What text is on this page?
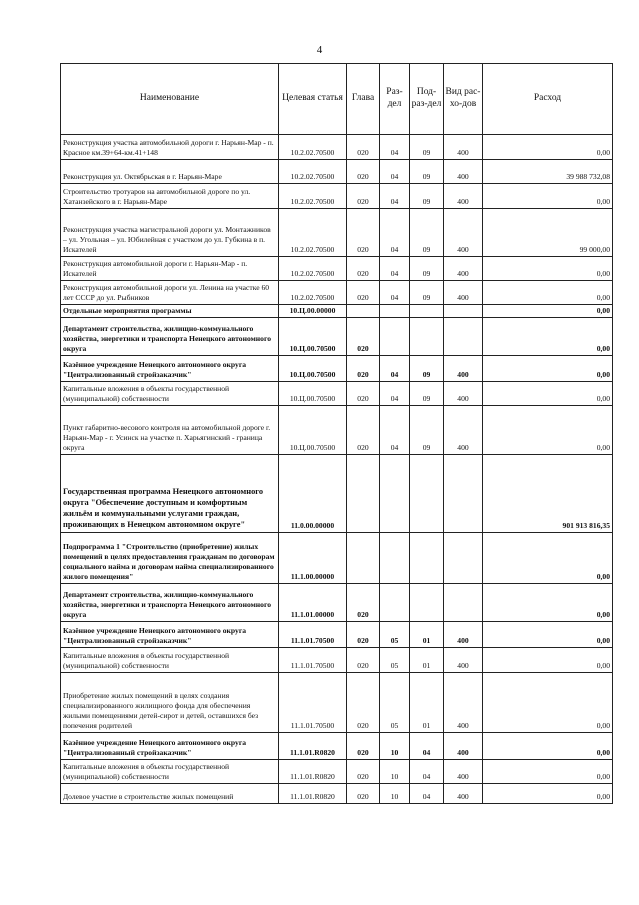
4
Наименование	Целевая статья	Глава	Раз-дел	Под-раз-дел	Вид рас-хо-дов	Расход
Реконструкция участка автомобильной дороги г. Нарьян-Мар - п. Красное км.39+64-км.41+148	10.2.02.70500	020	04	09	400	0,00
Реконструкция ул. Октябрьская в г. Нарьян-Маре	10.2.02.70500	020	04	09	400	39 988 732,08
Строительство тротуаров на автомобильной дороге по ул. Хатанзейского в г. Нарьян-Маре	10.2.02.70500	020	04	09	400	0,00
Реконструкция участка магистральной дороги ул. Монтажников – ул. Угольная – ул. Юбилейная с участком до ул. Губкина в п. Искателей	10.2.02.70500	020	04	09	400	99 000,00
Реконструкция автомобильной дороги г. Нарьян-Мар - п. Искателей	10.2.02.70500	020	04	09	400	0,00
Реконструкция автомобильной дороги ул. Ленина на участке 60 лет СССР до ул. Рыбников	10.2.02.70500	020	04	09	400	0,00
Отдельные мероприятия программы	10.Ц.00.00000					0,00
Департамент строительства, жилищно-коммунального хозяйства, энергетики и транспорта Ненецкого автономного округа	10.Ц.00.70500	020				0,00
Казённое учреждение Ненецкого автономного округа "Централизованный стройзаказчик"	10.Ц.00.70500	020	04	09	400	0,00
Капитальные вложения в объекты государственной (муниципальной) собственности	10.Ц.00.70500	020	04	09	400	0,00
Пункт габаритно-весового контроля на автомобильной дороге г. Нарьян-Мар - г. Усинск на участке п. Харьягинский - граница округа	10.Ц.00.70500	020	04	09	400	0,00
Государственная программа Ненецкого автономного округа "Обеспечение доступным и комфортным жильём и коммунальными услугами граждан, проживающих в Ненецком автономном округе"	11.0.00.00000					901 913 816,35
Подпрограмма 1 "Строительство (приобретение) жилых помещений в целях предоставления гражданам по договорам социального найма и договорам найма специализированного жилого помещения"	11.1.00.00000					0,00
Департамент строительства, жилищно-коммунального хозяйства, энергетики и транспорта Ненецкого автономного округа	11.1.01.00000	020				0,00
Казённое учреждение Ненецкого автономного округа "Централизованный стройзаказчик"	11.1.01.70500	020	05	01	400	0,00
Капитальные вложения в объекты государственной (муниципальной) собственности	11.1.01.70500	020	05	01	400	0,00
Приобретение жилых помещений в целях создания специализированного жилищного фонда для обеспечения жилыми помещениями детей-сирот и детей, оставшихся без попечения родителей	11.1.01.70500	020	05	01	400	0,00
Казённое учреждение Ненецкого автономного округа "Централизованный стройзаказчик"	11.1.01.R0820	020	10	04	400	0,00
Капитальные вложения в объекты государственной (муниципальной) собственности	11.1.01.R0820	020	10	04	400	0,00
Долевое участие в строительстве жилых помещений	11.1.01.R0820	020	10	04	400	0,00
